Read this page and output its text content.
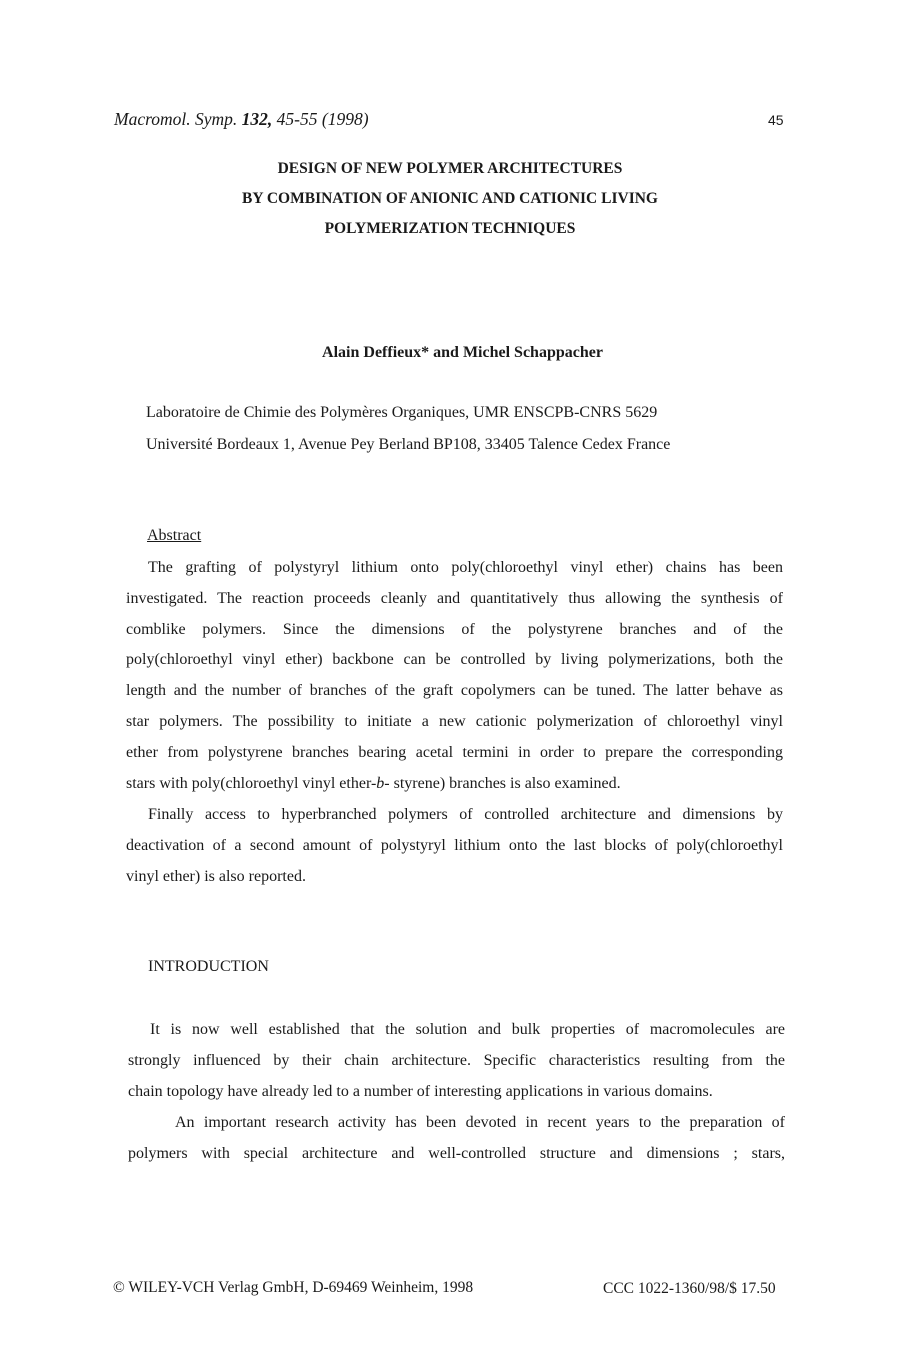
Macromol. Symp. 132, 45-55 (1998)	45
DESIGN OF NEW POLYMER ARCHITECTURES
BY COMBINATION OF ANIONIC AND CATIONIC LIVING
POLYMERIZATION TECHNIQUES
Alain Deffieux* and Michel Schappacher
Laboratoire de Chimie des Polymères Organiques, UMR ENSCPB-CNRS 5629
Université Bordeaux 1, Avenue Pey Berland BP108, 33405 Talence Cedex France
Abstract
The grafting of polystyryl lithium onto poly(chloroethyl vinyl ether) chains has been
investigated. The reaction proceeds cleanly and quantitatively thus allowing the synthesis of
comblike polymers. Since the dimensions of the polystyrene branches and of the
poly(chloroethyl vinyl ether) backbone can be controlled by living polymerizations, both the
length and the number of branches of the graft copolymers can be tuned. The latter behave as
star polymers. The possibility to initiate a new cationic polymerization of chloroethyl vinyl
ether from polystyrene branches bearing acetal termini in order to prepare the corresponding
stars with poly(chloroethyl vinyl ether-b- styrene) branches is also examined.
Finally access to hyperbranched polymers of controlled architecture and dimensions by
deactivation of a second amount of polystyryl lithium onto the last blocks of poly(chloroethyl
vinyl ether) is also reported.
INTRODUCTION
It is now well established that the solution and bulk properties of macromolecules are
strongly influenced by their chain architecture. Specific characteristics resulting from the
chain topology have already led to a number of interesting applications in various domains.
An important research activity has been devoted in recent years to the preparation of
polymers with special architecture and well-controlled structure and dimensions ; stars,
© WILEY-VCH Verlag GmbH, D-69469 Weinheim, 1998	CCC 1022-1360/98/$ 17.50
